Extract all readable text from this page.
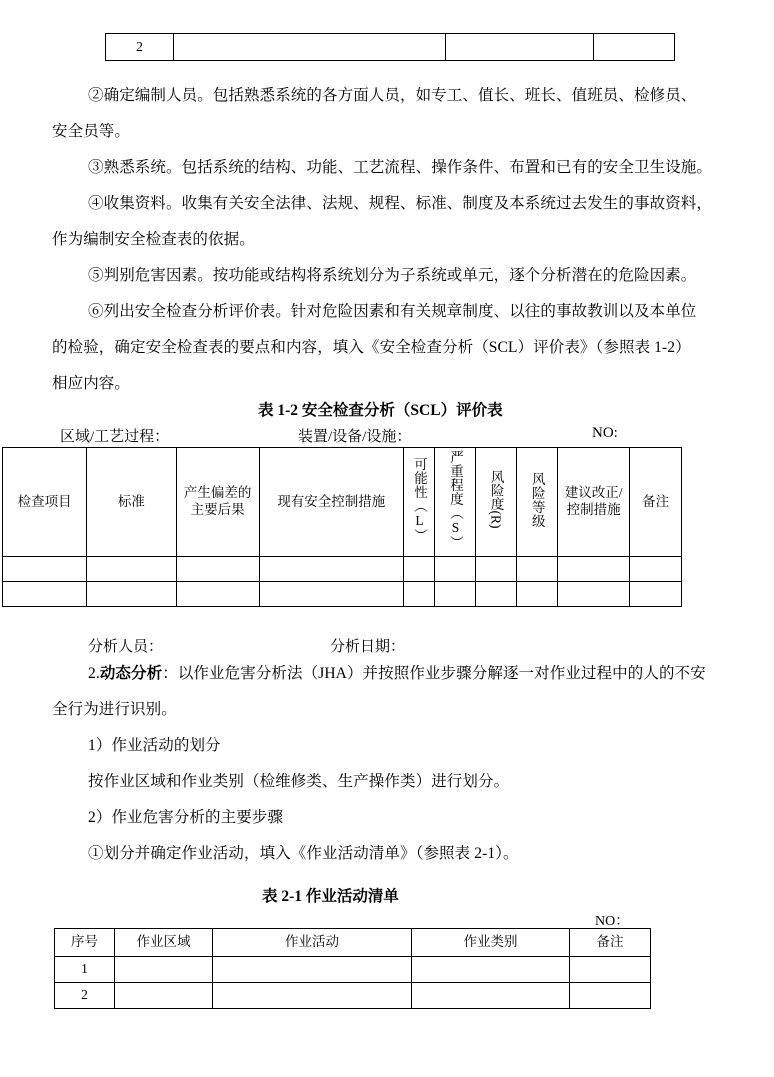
2			
②确定编制人员。包括熟悉系统的各方面人员，如专工、值长、班长、值班员、检修员、
安全员等。
③熟悉系统。包括系统的结构、功能、工艺流程、操作条件、布置和已有的安全卫生设施。
④收集资料。收集有关安全法律、法规、规程、标准、制度及本系统过去发生的事故资料，
作为编制安全检查表的依据。
⑤判别危害因素。按功能或结构将系统划分为子系统或单元，逐个分析潜在的危险因素。
⑥列出安全检查分析评价表。针对危险因素和有关规章制度、以往的事故教训以及本单位
的检验，确定安全检查表的要点和内容，填入《安全检查分析（SCL）评价表》（参照表 1-2）
相应内容。
表 1-2 安全检查分析（SCL）评价表
区域/工艺过程：	装置/设备/设施：	NO:
检查项目	标准	产生偏差的主要后果	现有安全控制措施	可能性（L）	严重程度（S）	风险度(R)	风险等级	建议改正/控制措施	备注

分析人员：	分析日期：
2.动态分析：以作业危害分析法（JHA）并按照作业步骤分解逐一对作业过程中的人的不安
全行为进行识别。
1）作业活动的划分
按作业区域和作业类别（检维修类、生产操作类）进行划分。
2）作业危害分析的主要步骤
①划分并确定作业活动，填入《作业活动清单》（参照表 2-1）。
表 2-1 作业活动清单
NO：
序号	作业区域	作业活动	作业类别	备注
1				
2				
